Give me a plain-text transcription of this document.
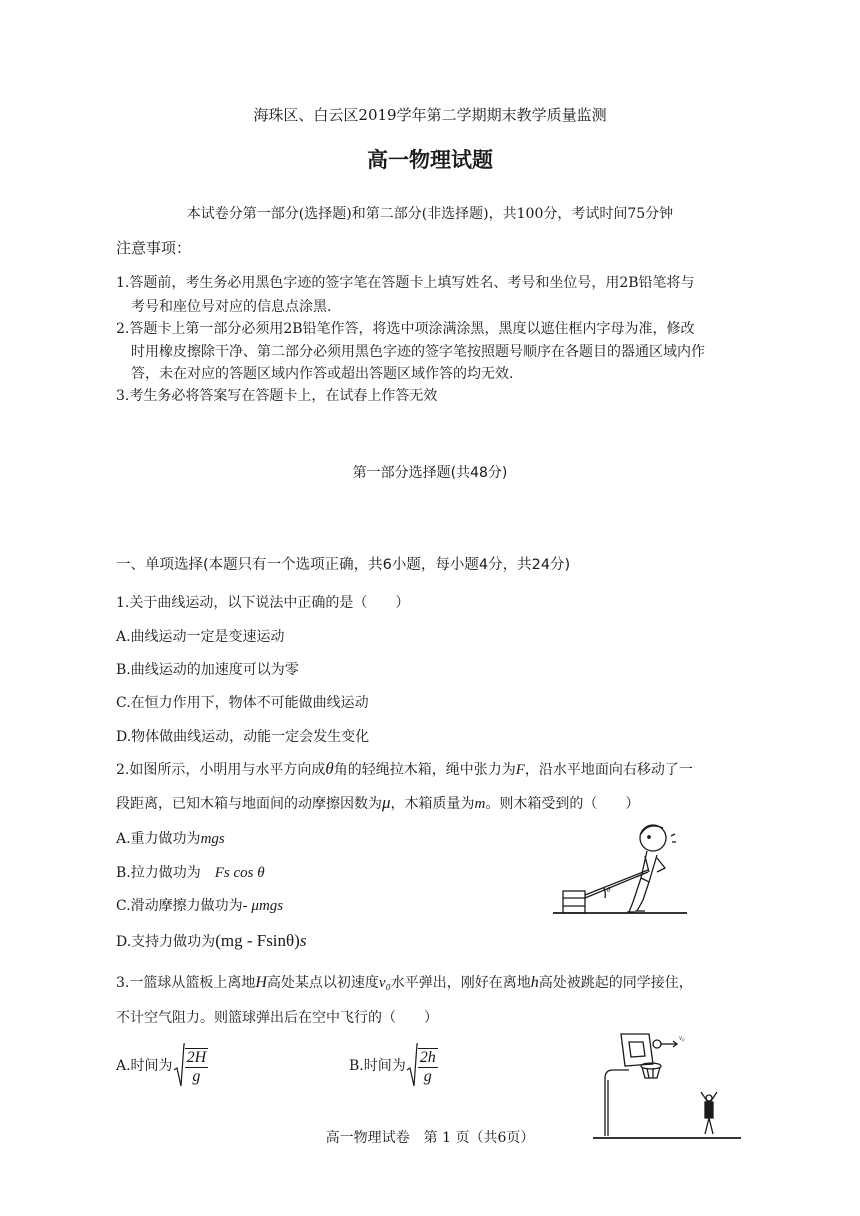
海珠区、白云区2019学年第二学期期末教学质量监测
高一物理试题
本试卷分第一部分(选择题)和第二部分(非选择题)，共100分，考试时间75分钟
注意事项：
1.答题前，考生务必用黑色字迹的签字笔在答题卡上填写姓名、考号和坐位号，用2B铅笔将与
考号和座位号对应的信息点涂黑.
2.答题卡上第一部分必须用2B铅笔作答，将选中项涂满涂黑，黑度以遮住框内字母为准，修改
时用橡皮擦除干净、第二部分必须用黑色字迹的签字笔按照题号顺序在各题目的器通区域内作
答，未在对应的答题区域内作答或超出答题区域作答的均无效.
3.考生务必将答案写在答题卡上，在试春上作答无效
第一部分选择题(共48分)
一、单项选择(本题只有一个选项正确，共6小题，每小题4分，共24分)
1.关于曲线运动，以下说法中正确的是（　　）
A.曲线运动一定是变速运动
B.曲线运动的加速度可以为零
C.在恒力作用下，物体不可能做曲线运动
D.物体做曲线运动，动能一定会发生变化
2.如图所示，小明用与水平方向成θ角的轻绳拉木箱，绳中张力为F，沿水平地面向右移动了一
段距离，已知木箱与地面间的动摩擦因数为μ，木箱质量为m。则木箱受到的（　　）
A.重力做功为mgs
B.拉力做功为 Fs cos θ
C.滑动摩擦力做功为- μmgs
D.支持力做功为(mg - Fsinθ)s
θ
3.一篮球从篮板上离地H高处某点以初速度v₀水平弹出，刚好在离地h高处被跳起的同学接住，
不计空气阻力。则篮球弹出后在空中飞行的（　　）
A.时间为 $\frac{2H}{g}$	B.时间为 $\frac{2h}{g}$
v₀
高一物理试卷　第 1 页（共6页）
